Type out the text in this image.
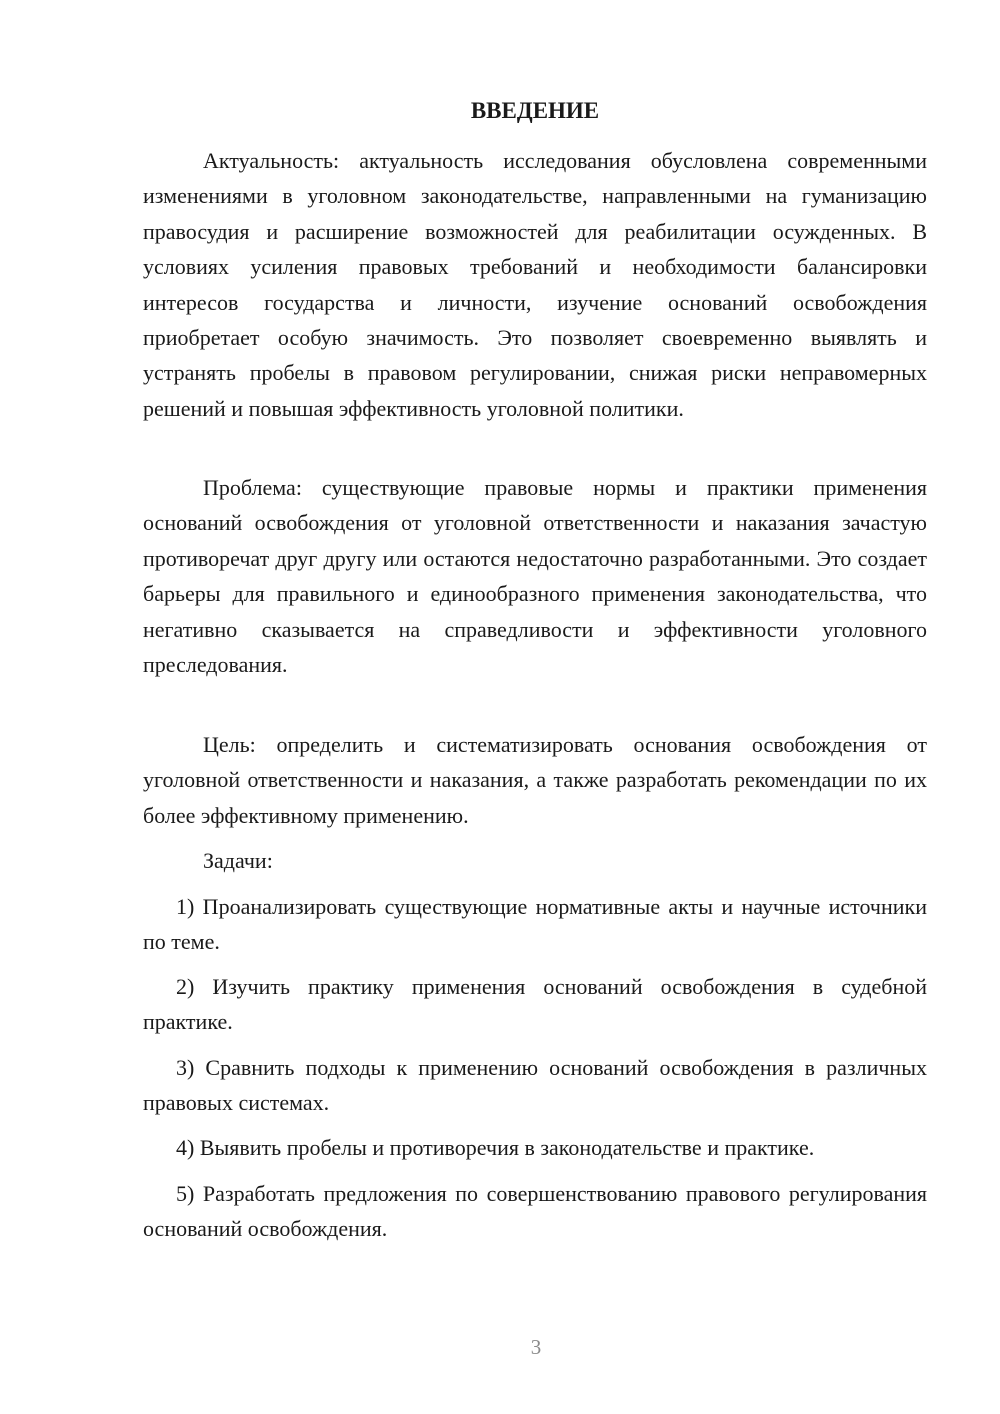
ВВЕДЕНИЕ

Актуальность: актуальность исследования обусловлена современными изменениями в уголовном законодательстве, направленными на гуманизацию правосудия и расширение возможностей для реабилитации осужденных. В условиях усиления правовых требований и необходимости балансировки интересов государства и личности, изучение оснований освобождения приобретает особую значимость. Это позволяет своевременно выявлять и устранять пробелы в правовом регулировании, снижая риски неправомерных решений и повышая эффективность уголовной политики.

Проблема: существующие правовые нормы и практики применения оснований освобождения от уголовной ответственности и наказания зачастую противоречат друг другу или остаются недостаточно разработанными. Это создает барьеры для правильного и единообразного применения законодательства, что негативно сказывается на справедливости и эффективности уголовного преследования.

Цель: определить и систематизировать основания освобождения от уголовной ответственности и наказания, а также разработать рекомендации по их более эффективному применению.

Задачи:

1) Проанализировать существующие нормативные акты и научные источники по теме.

2) Изучить практику применения оснований освобождения в судебной практике.

3) Сравнить подходы к применению оснований освобождения в различных правовых системах.

4) Выявить пробелы и противоречия в законодательстве и практике.

5) Разработать предложения по совершенствованию правового регулирования оснований освобождения.

3
